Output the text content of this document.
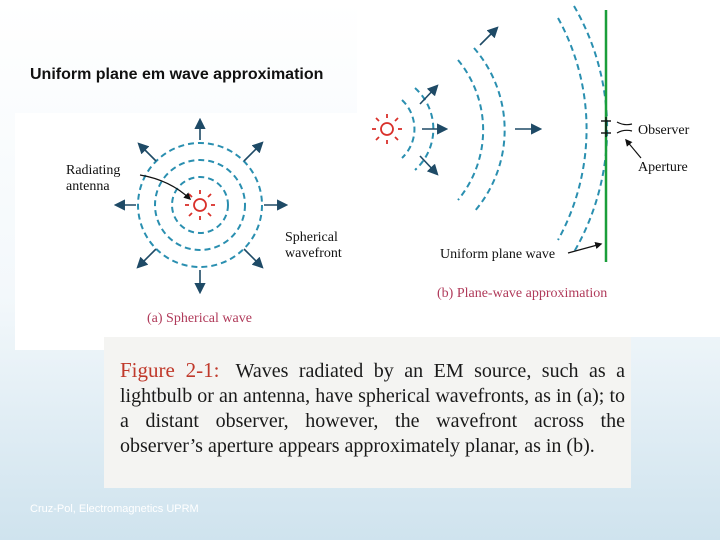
Uniform plane em wave approximation
Radiating
antenna
Spherical
wavefront
(a) Spherical wave
Observer
Aperture
Uniform plane wave
(b) Plane-wave approximation
Figure 2-1: Waves radiated by an EM source, such as a lightbulb or an antenna, have spherical wavefronts, as in (a); to a distant observer, however, the wavefront across the observer’s aperture appears approximately planar, as in (b).
Cruz-Pol, Electromagnetics UPRM
